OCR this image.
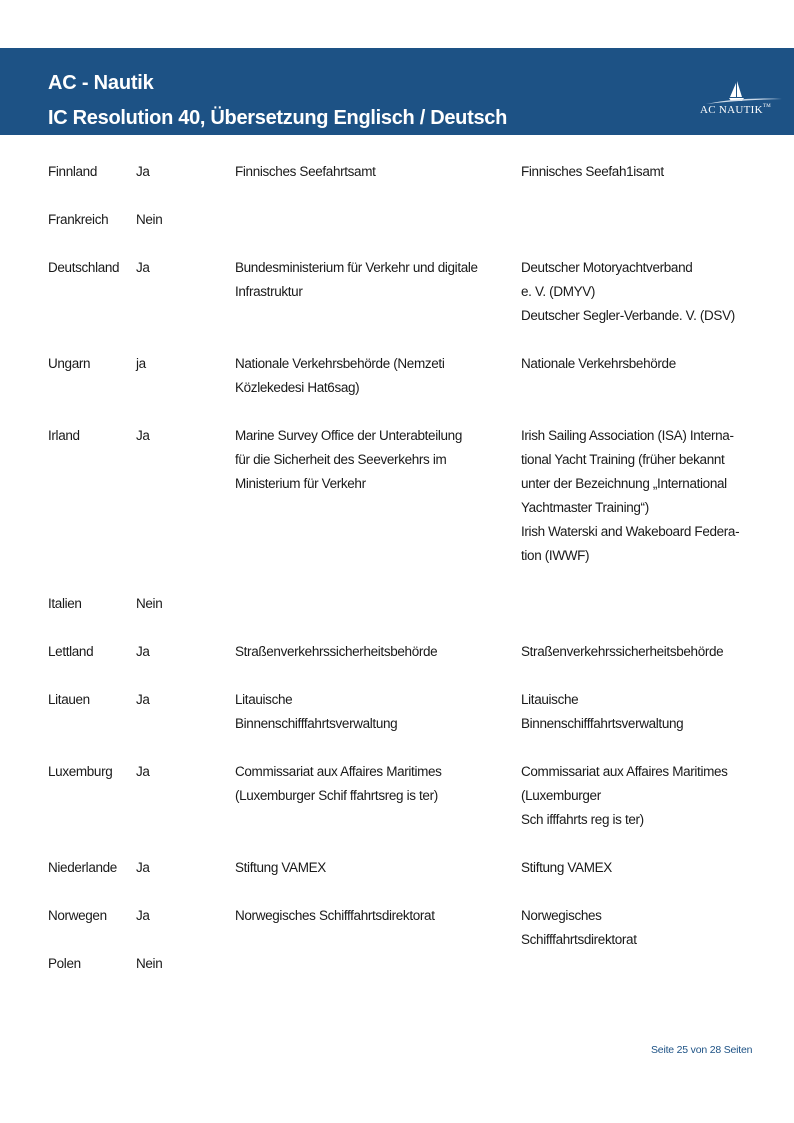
AC - Nautik
IC Resolution 40, Übersetzung Englisch / Deutsch	AC NAUTIKTM
Finnland	Ja	Finnisches Seefahrtsamt	Finnisches Seefah1isamt
Frankreich	Nein
Deutschland	Ja	Bundesministerium für Verkehr und digitale
Infrastruktur
Deutscher Motoryachtverband
e. V. (DMYV)
Deutscher Segler-Verbande. V. (DSV)
Ungarn	ja	Nationale Verkehrsbehörde (Nemzeti
Közlekedesi Hat6sag)
Nationale Verkehrsbehörde
Irland	Ja	Marine Survey Office der Unterabteilung
für die Sicherheit des Seeverkehrs im
Ministerium für Verkehr
Irish Sailing Association (ISA) Interna-
tional Yacht Training (früher bekannt
unter der Bezeichnung „International
Yachtmaster Training“)
Irish Waterski and Wakeboard Federa-
tion (IWWF)
Italien	Nein
Lettland	Ja	Straßenverkehrssicherheitsbehörde	Straßenverkehrssicherheitsbehörde
Litauen	Ja	Litauische
Binnenschifffahrtsverwaltung
Litauische
Binnenschifffahrtsverwaltung
Luxemburg	Ja	Commissariat aux Affaires Maritimes
(Luxemburger Schif ffahrtsreg is ter)
Commissariat aux Affaires Maritimes
(Luxemburger
Sch ifffahrts reg is ter)
Niederlande	Ja	Stiftung VAMEX	Stiftung VAMEX
Norwegen	Ja	Norwegisches Schifffahrtsdirektorat	Norwegisches
Schifffahrtsdirektorat
Polen	Nein
Seite 25 von 28 Seiten
